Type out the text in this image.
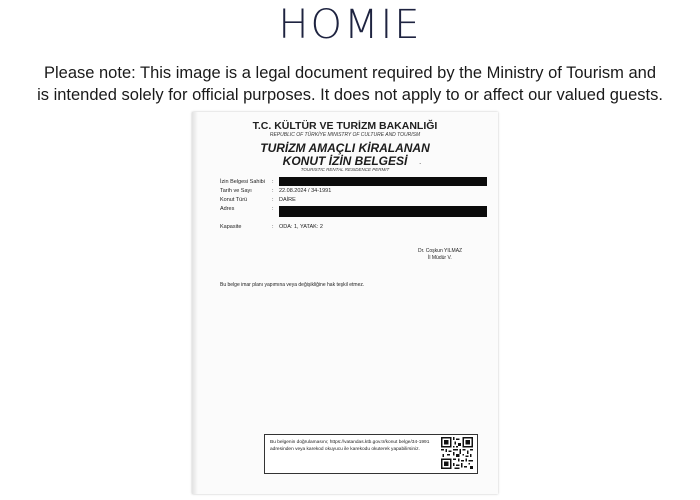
HOMIE
Please note: This image is a legal document required by the Ministry of Tourism and
is intended solely for official purposes. It does not apply to or affect our valued guests.
T.C. KÜLTÜR VE TURİZM BAKANLIĞI
REPUBLIC OF TÜRKİYE MINISTRY OF CULTURE AND TOURISM
TURİZM AMAÇLI KİRALANAN
KONUT İZİN BELGESİ
TOURISTIC RENTAL RESIDENCE PERMIT
˴
İzin Belgesi Sahibi :
Tarih ve Sayı	: 22.08.2024 / 34-1991
Konut Türü	: DAİRE
Adres	:
Kapasite	: ODA: 1, YATAK: 2
Dr. Coşkun YILMAZ
İl Müdür V.
Bu belge imar planı yapımına veya değişikliğine hak teşkil etmez.
Bu belgenin doğrulamasını; https://vatandas.ktb.gov.tr/konut belge/34-1991
adresinden veya karekod okuyucu ile karekodu okuterek yapabilirsiniz.
